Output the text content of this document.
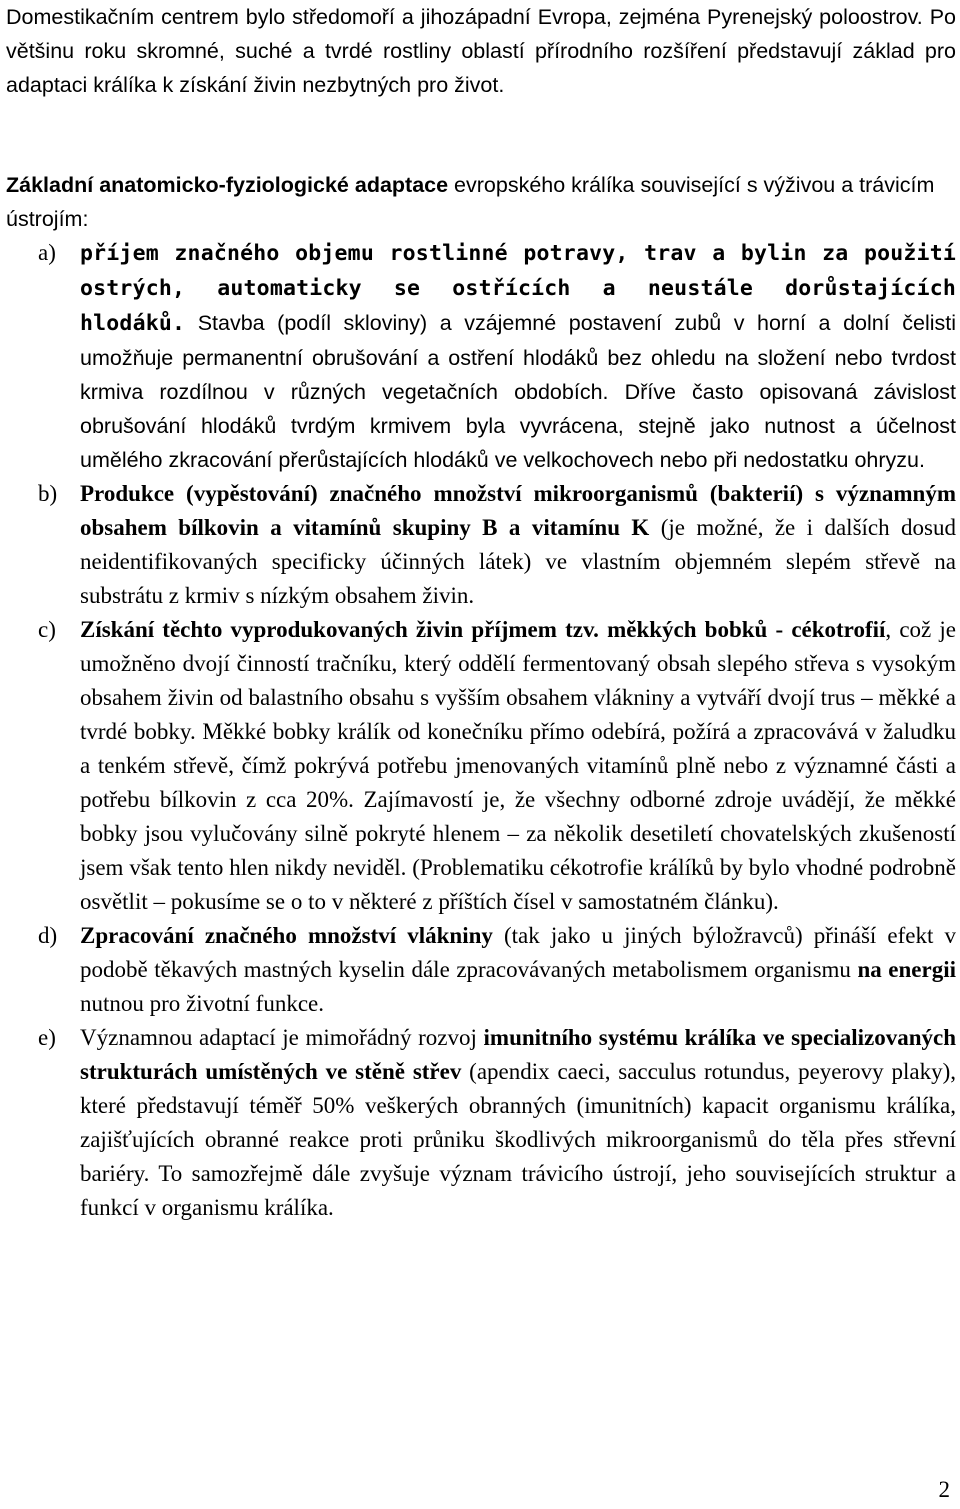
Domestikačním centrem bylo středomoří a jihozápadní Evropa, zejména Pyrenejský poloostrov. Po většinu roku skromné, suché a tvrdé rostliny oblastí přírodního rozšíření představují základ pro adaptaci králíka k získání živin nezbytných pro život.

Základní anatomicko-fyziologické adaptace evropského králíka související s výživou a trávicím ústrojím:

a) příjem značného objemu rostlinné potravy, trav a bylin za použití ostrých, automaticky se ostřících a neustále dorůstajících hlodáků. Stavba (podíl skloviny) a vzájemné postavení zubů v horní a dolní čelisti umožňuje permanentní obrušování a ostření hlodáků bez ohledu na složení nebo tvrdost krmiva rozdílnou v různých vegetačních obdobích. Dříve často opisovaná závislost obrušování hlodáků tvrdým krmivem byla vyvrácena, stejně jako nutnost a účelnost umělého zkracování přerůstajících hlodáků ve velkochovech nebo při nedostatku ohryzu.
b) Produkce (vypěstování) značného množství mikroorganismů (bakterií) s významným obsahem bílkovin a vitamínů skupiny B a vitamínu K (je možné, že i dalších dosud neidentifikovaných specificky účinných látek) ve vlastním objemném slepém střevě na substrátu z krmiv s nízkým obsahem živin.
c) Získání těchto vyprodukovaných živin příjmem tzv. měkkých bobků - cékotrofií, což je umožněno dvojí činností tračníku, který oddělí fermentovaný obsah slepého střeva s vysokým obsahem živin od balastního obsahu s vyšším obsahem vlákniny a vytváří dvojí trus – měkké a tvrdé bobky. Měkké bobky králík od konečníku přímo odebírá, požírá a zpracovává v žaludku a tenkém střevě, čímž pokrývá potřebu jmenovaných vitamínů plně nebo z významné části a potřebu bílkovin z cca 20%. Zajímavostí je, že všechny odborné zdroje uvádějí, že měkké bobky jsou vylučovány silně pokryté hlenem – za několik desetiletí chovatelských zkušeností jsem však tento hlen nikdy neviděl. (Problematiku cékotrofie králíků by bylo vhodné podrobně osvětlit – pokusíme se o to v některé z příštích čísel v samostatném článku).
d) Zpracování značného množství vlákniny (tak jako u jiných býložravců) přináší efekt v podobě těkavých mastných kyselin dále zpracovávaných metabolismem organismu na energii nutnou pro životní funkce.
e) Významnou adaptací je mimořádný rozvoj imunitního systému králíka ve specializovaných strukturách umístěných ve stěně střev (apendix caeci, sacculus rotundus, peyerovy plaky), které představují téměř 50% veškerých obranných (imunitních) kapacit organismu králíka, zajišťujících obranné reakce proti průniku škodlivých mikroorganismů do těla přes střevní bariéry. To samozřejmě dále zvyšuje význam trávicího ústrojí, jeho souvisejících struktur a funkcí v organismu králíka.
2
